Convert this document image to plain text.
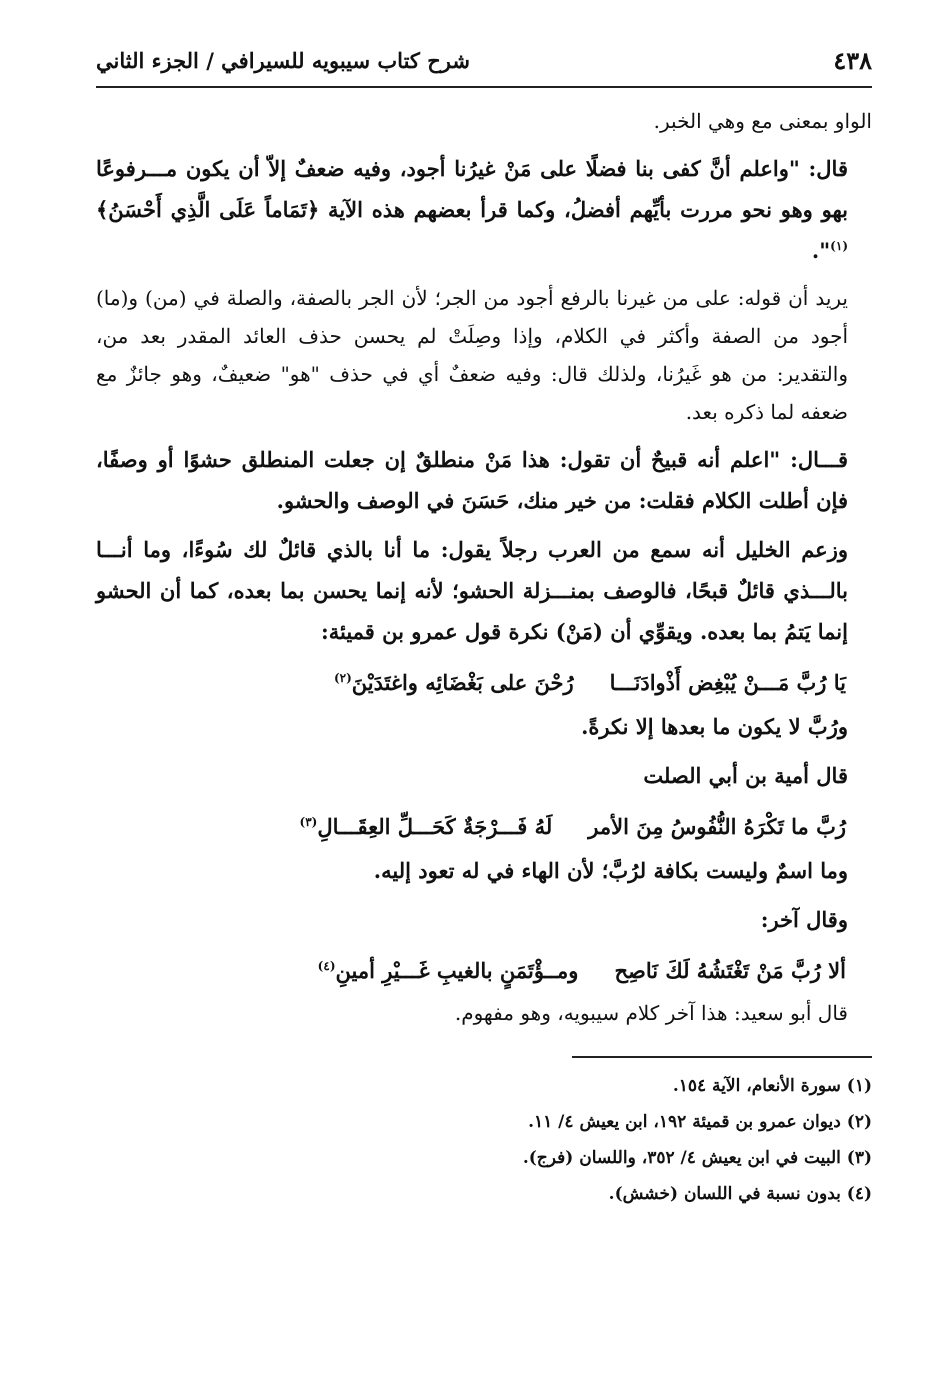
٤٣٨
شرح كتاب سيبويه للسيرافي / الجزء الثاني

الواو بمعنى مع وهي الخبر.

قال: "واعلم أنَّ كفى بنا فضلًا على مَنْ غيرُنا أجود، وفيه ضعفٌ إلاّ أن يكون مـــرفوعًا بهو وهو نحو مررت بأيِّهم أفضلُ، وكما قرأ بعضهم هذه الآية ﴿تَمَاماً عَلَى الَّذِي أَحْسَنُ﴾$^{(١)}$".

يريد أن قوله: على من غيرنا بالرفع أجود من الجر؛ لأن الجر بالصفة، والصلة في (من) و(ما) أجود من الصفة وأكثر في الكلام، وإذا وصِلَتْ لم يحسن حذف العائد المقدر بعد من، والتقدير: من هو غَيرُنا، ولذلك قال: وفيه ضعفٌ أي في حذف "هو" ضعيفٌ، وهو جائزٌ مع ضعفه لما ذكره بعد.

قـــال: "اعلم أنه قبيحٌ أن تقول: هذا مَنْ منطلقٌ إن جعلت المنطلق حشوًا أو وصفًا، فإن أطلت الكلام فقلت: من خير منك، حَسَنَ في الوصف والحشو.

وزعم الخليل أنه سمع من العرب رجلاً يقول: ما أنا بالذي قائلٌ لك سُوءًا، وما أنـــا بالـــذي قائلٌ قبحًا، فالوصف بمنـــزلة الحشو؛ لأنه إنما يحسن بما بعده، كما أن الحشو إنما يَتمُ بما بعده. ويقوِّي أن (مَنْ) نكرة قول عمرو بن قميئة:

يَا رُبَّ مَـــنْ يُبْغِض أَذْوادَنَـــا
رُحْنَ على بَغْضَائِه واغتَدَيْنَ$^{(٢)}$

ورُبَّ لا يكون ما بعدها إلا نكرةً.

قال أمية بن أبي الصلت

رُبَّ ما تَكْرَهُ النُّفُوسُ مِنَ الأمر
لَهُ فَـــرْجَةٌ كَحَـــلِّ العِقَـــالِ$^{(٣)}$

وما اسمٌ وليست بكافة لرُبَّ؛ لأن الهاء في له تعود إليه.

وقال آخر:

ألا رُبَّ مَنْ تَغْتَشُهُ لَكَ نَاصِح
ومــؤْتَمَنٍ بالغيبِ غَـــيْرِ أمينِ$^{(٤)}$

قال أبو سعيد: هذا آخر كلام سيبويه، وهو مفهوم.

(١) سورة الأنعام، الآية ١٥٤.
(٢) ديوان عمرو بن قميئة ١٩٢، ابن يعيش ٤/ ١١.
(٣) البيت في ابن يعيش ٤/ ٣٥٢، واللسان (فرج).
(٤) بدون نسبة في اللسان (خشش).
